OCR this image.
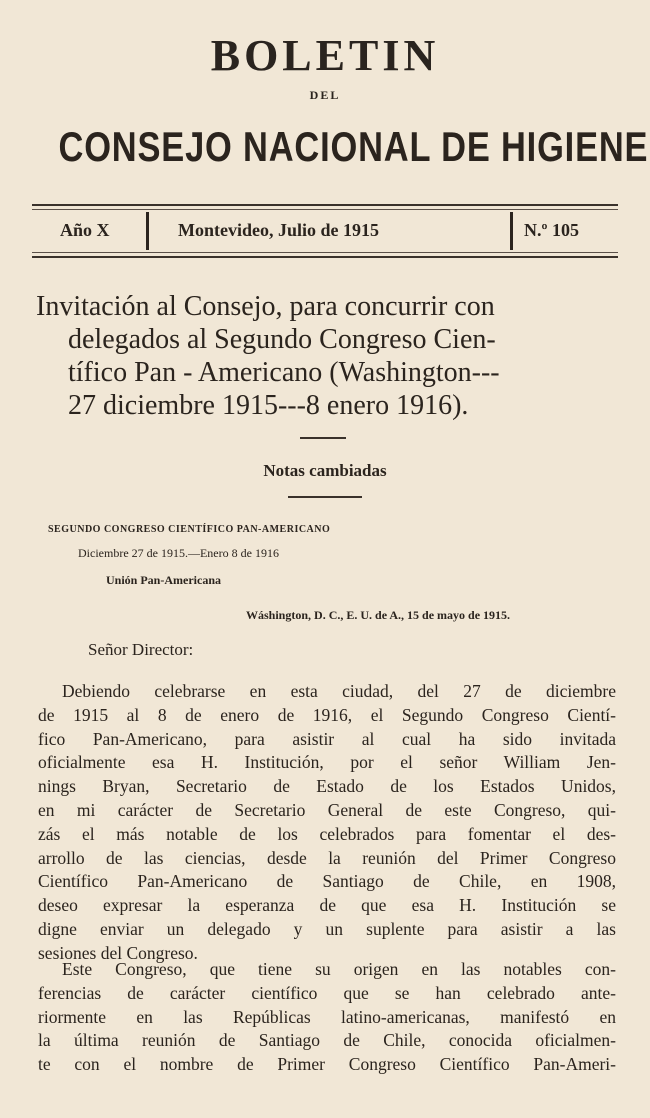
BOLETIN
DEL
CONSEJO NACIONAL DE HIGIENE
Año X	Montevideo, Julio de 1915	N.º 105
Invitación al Consejo, para concurrir con
delegados al Segundo Congreso Cien-
tífico Pan - Americano (Washington---
27 diciembre 1915---8 enero 1916).
Notas cambiadas
SEGUNDO CONGRESO CIENTÍFICO PAN-AMERICANO
Diciembre 27 de 1915.—Enero 8 de 1916
Unión Pan-Americana
Wáshington, D. C., E. U. de A., 15 de mayo de 1915.
Señor Director:
Debiendo celebrarse en esta ciudad, del 27 de diciembre
de 1915 al 8 de enero de 1916, el Segundo Congreso Cientí-
fico Pan-Americano, para asistir al cual ha sido invitada
oficialmente esa H. Institución, por el señor William Jen-
nings Bryan, Secretario de Estado de los Estados Unidos,
en mi carácter de Secretario General de este Congreso, qui-
zás el más notable de los celebrados para fomentar el des-
arrollo de las ciencias, desde la reunión del Primer Congreso
Científico Pan-Americano de Santiago de Chile, en 1908,
deseo expresar la esperanza de que esa H. Institución se
digne enviar un delegado y un suplente para asistir a las
sesiones del Congreso.
Este Congreso, que tiene su origen en las notables con-
ferencias de carácter científico que se han celebrado ante-
riormente en las Repúblicas latino-americanas, manifestó en
la última reunión de Santiago de Chile, conocida oficialmen-
te con el nombre de Primer Congreso Científico Pan-Ameri-
